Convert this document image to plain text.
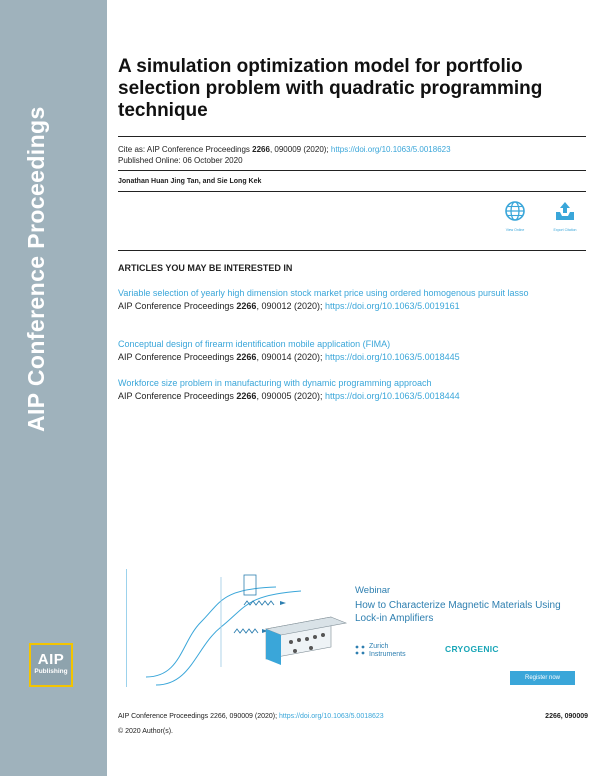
AIP Conference Proceedings
AIP
Publishing
A simulation optimization model for portfolio selection problem with quadratic programming technique
Cite as: AIP Conference Proceedings 2266, 090009 (2020); https://doi.org/10.1063/5.0018623
Published Online: 06 October 2020
Jonathan Huan Jing Tan, and Sie Long Kek
View Online	Export Citation
ARTICLES YOU MAY BE INTERESTED IN
Variable selection of yearly high dimension stock market price using ordered homogenous pursuit lasso
AIP Conference Proceedings 2266, 090012 (2020); https://doi.org/10.1063/5.0019161
Conceptual design of firearm identification mobile application (FIMA)
AIP Conference Proceedings 2266, 090014 (2020); https://doi.org/10.1063/5.0018445
Workforce size problem in manufacturing with dynamic programming approach
AIP Conference Proceedings 2266, 090005 (2020); https://doi.org/10.1063/5.0018444
Webinar
How to Characterize Magnetic Materials Using Lock-in Amplifiers
Zurich
Instruments
CRYOGENIC
Register now
AIP Conference Proceedings 2266, 090009 (2020); https://doi.org/10.1063/5.0018623	2266, 090009
© 2020 Author(s).
